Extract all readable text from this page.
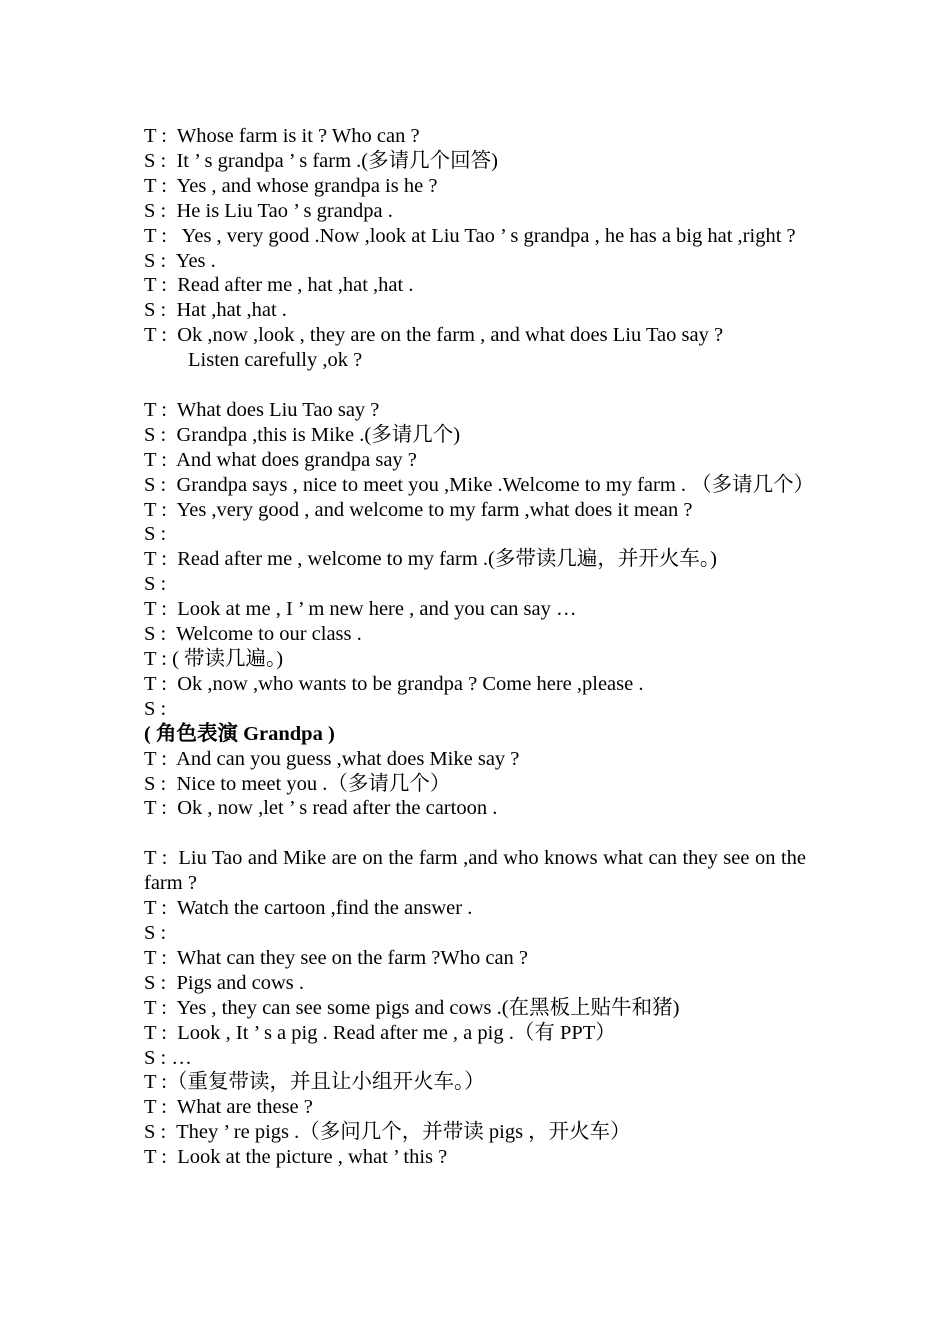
T :  Whose farm is it ? Who can ?

S :  It ’ s grandpa ’ s farm .(多请几个回答)

T :  Yes , and whose grandpa is he ?

S :  He is Liu Tao ’ s grandpa .

T :   Yes , very good .Now ,look at Liu Tao ’ s grandpa , he has a big hat ,right ?

S :  Yes .

T :  Read after me , hat ,hat ,hat .

S :  Hat ,hat ,hat .

T :  Ok ,now ,look , they are on the farm , and what does Liu Tao say ?

Listen carefully ,ok ?

T :  What does Liu Tao say ?

S :  Grandpa ,this is Mike .(多请几个)

T :  And what does grandpa say ?

S :  Grandpa says , nice to meet you ,Mike .Welcome to my farm . （多请几个）

T :  Yes ,very good , and welcome to my farm ,what does it mean ?

S :

T :  Read after me , welcome to my farm .(多带读几遍，并开火车。)

S :

T :  Look at me , I ’ m new here , and you can say …

S :  Welcome to our class .

T : ( 带读几遍。)

T :  Ok ,now ,who wants to be grandpa ? Come here ,please .

S :

( 角色表演 Grandpa )

T :  And can you guess ,what does Mike say ?

S :  Nice to meet you .（多请几个）

T :  Ok , now ,let ’ s read after the cartoon .

T :  Liu Tao and Mike are on the farm ,and who knows what can they see on the farm ?

T :  Watch the cartoon ,find the answer .

S :

T :  What can they see on the farm ?Who can ?

S :  Pigs and cows .

T :  Yes , they can see some pigs and cows .(在黑板上贴牛和猪)

T :  Look , It ’ s a pig . Read after me , a pig .（有 PPT）

S : …

T :（重复带读，并且让小组开火车。）

T :  What are these ?

S :  They ’ re pigs .（多问几个，并带读 pigs ，开火车）

T :  Look at the picture , what ’ this ?
